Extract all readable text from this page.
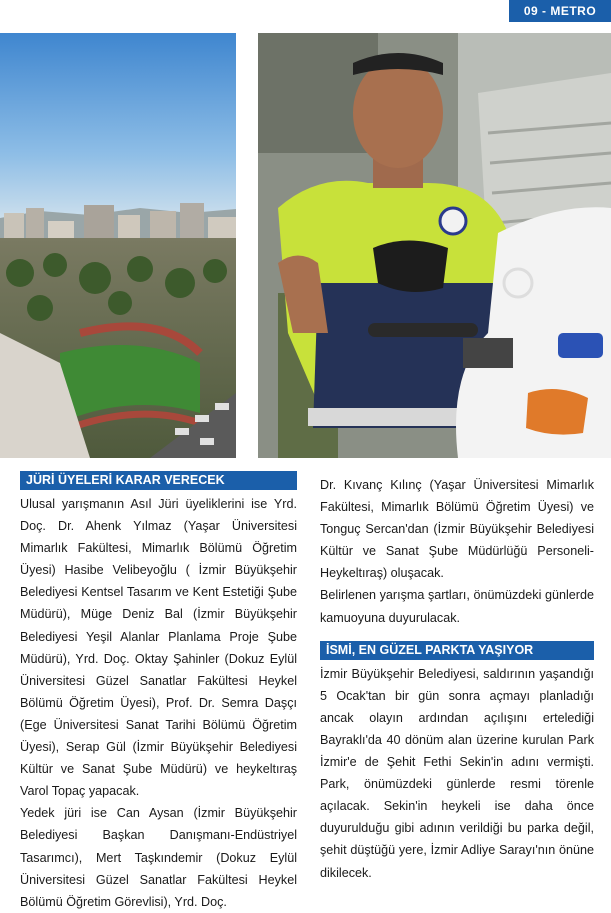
09 - METRO
JÜRİ ÜYELERİ KARAR VERECEK

Ulusal yarışmanın Asıl Jüri üyeliklerini ise Yrd. Doç. Dr. Ahenk Yılmaz (Yaşar Üniversitesi Mimarlık Fakültesi, Mimarlık Bölümü Öğretim Üyesi) Hasibe Velibeyoğlu ( İzmir Büyükşehir Belediyesi Kentsel Tasarım ve Kent Estetiği Şube Müdürü), Müge Deniz Bal (İzmir Büyükşehir Belediyesi Yeşil Alanlar Planlama Proje Şube Müdürü), Yrd. Doç. Oktay Şahinler (Dokuz Eylül Üniversitesi Güzel Sanatlar Fakültesi Heykel Bölümü Öğretim Üyesi), Prof. Dr. Semra Daşçı (Ege Üniversitesi Sanat Tarihi Bölümü Öğretim Üyesi), Serap Gül (İzmir Büyükşehir Belediyesi Kültür ve Sanat Şube Müdürü) ve heykeltıraş Varol Topaç yapacak.

Yedek jüri ise Can Aysan (İzmir Büyükşehir Belediyesi Başkan Danışmanı-Endüstriyel Tasarımcı), Mert Taşkındemir (Dokuz Eylül Üniversitesi Güzel Sanatlar Fakültesi Heykel Bölümü Öğretim Görevlisi), Yrd. Doç.

Dr. Kıvanç Kılınç (Yaşar Üniversitesi Mimarlık Fakültesi, Mimarlık Bölümü Öğretim Üyesi) ve Tonguç Sercan'dan (İzmir Büyükşehir Belediyesi Kültür ve Sanat Şube Müdürlüğü Personeli-Heykeltıraş) oluşacak.

Belirlenen yarışma şartları, önümüzdeki günlerde kamuoyuna duyurulacak.

İSMİ, EN GÜZEL PARKTA YAŞIYOR

İzmir Büyükşehir Belediyesi, saldırının yaşandığı 5 Ocak'tan bir gün sonra açmayı planladığı ancak olayın ardından açılışını ertelediği Bayraklı'da 40 dönüm alan üzerine kurulan Park İzmir'e de Şehit Fethi Sekin'in adını vermişti. Park, önümüzdeki günlerde resmi törenle açılacak. Sekin'in heykeli ise daha önce duyurulduğu gibi adının verildiği bu parka değil, şehit düştüğü yere, İzmir Adliye Sarayı'nın önüne dikilecek.
